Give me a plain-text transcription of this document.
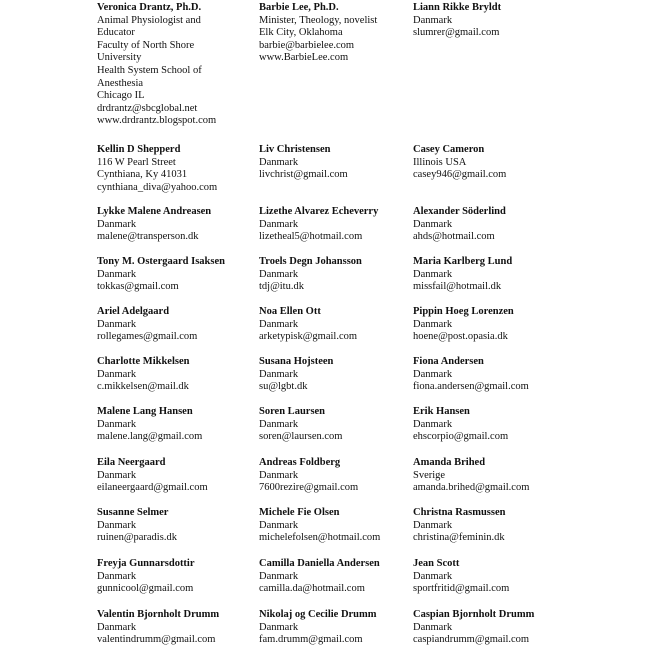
Veronica Drantz, Ph.D.
Animal Physiologist and
Educator
Faculty of North Shore
University
Health System School of
Anesthesia
Chicago IL
drdrantz@sbcglobal.net
www.drdrantz.blogspot.com
Kellin D Shepperd
116 W Pearl Street
Cynthiana, Ky 41031
cynthiana_diva@yahoo.com
Lykke Malene Andreasen
Danmark
malene@transperson.dk
Tony M. Ostergaard Isaksen
Danmark
tokkas@gmail.com
Ariel Adelgaard
Danmark
rollegames@gmail.com
Charlotte Mikkelsen
Danmark
c.mikkelsen@mail.dk
Malene Lang Hansen
Danmark
malene.lang@gmail.com
Eila Neergaard
Danmark
eilaneergaard@gmail.com
Susanne Selmer
Danmark
ruinen@paradis.dk
Freyja Gunnarsdottir
Danmark
gunnicool@gmail.com
Valentin Bjornholt Drumm
Danmark
valentindrumm@gmail.com
Barbie Lee, Ph.D.
Minister, Theology, novelist
Elk City, Oklahoma
barbie@barbielee.com
www.BarbieLee.com
Liv Christensen
Danmark
livchrist@gmail.com
Lizethe Alvarez Echeverry
Danmark
lizetheal5@hotmail.com
Troels Degn Johansson
Danmark
tdj@itu.dk
Noa Ellen Ott
Danmark
arketypisk@gmail.com
Susana Hojsteen
Danmark
su@lgbt.dk
Soren Laursen
Danmark
soren@laursen.com
Andreas Foldberg
Danmark
7600rezire@gmail.com
Michele Fie Olsen
Danmark
michelefolsen@hotmail.com
Camilla Daniella Andersen
Danmark
camilla.da@hotmail.com
Nikolaj og Cecilie Drumm
Danmark
fam.drumm@gmail.com
Liann Rikke Bryldt
Danmark
slumrer@gmail.com
Casey Cameron
Illinois USA
casey946@gmail.com
Alexander Söderlind
Danmark
ahds@hotmail.com
Maria Karlberg Lund
Danmark
missfail@hotmail.dk
Pippin Hoeg Lorenzen
Danmark
hoene@post.opasia.dk
Fiona Andersen
Danmark
fiona.andersen@gmail.com
Erik Hansen
Danmark
ehscorpio@gmail.com
Amanda Brihed
Sverige
amanda.brihed@gmail.com
Christna Rasmussen
Danmark
christina@feminin.dk
Jean Scott
Danmark
sportfritid@gmail.com
Caspian Bjornholt Drumm
Danmark
caspiandrumm@gmail.com
